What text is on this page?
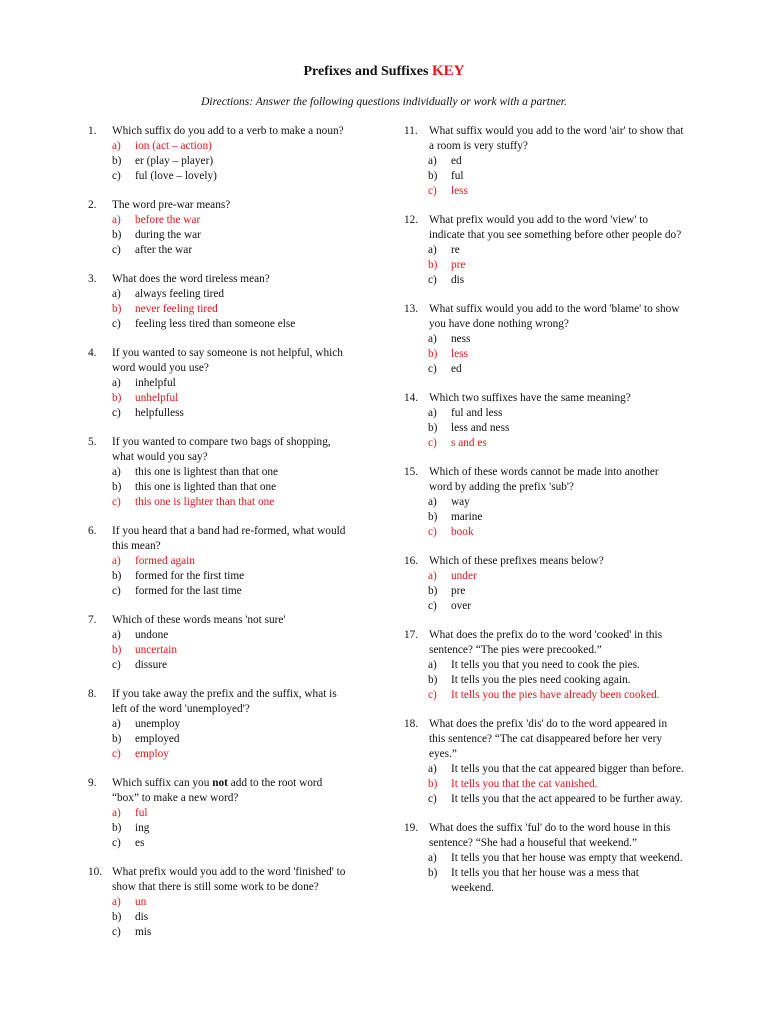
Prefixes and Suffixes KEY
Directions: Answer the following questions individually or work with a partner.
1.	Which suffix do you add to a verb to make a noun?
a) ion (act – action)
b) er (play – player)
c) ful (love – lovely)
2.	The word pre-war means?
a) before the war
b) during the war
c) after the war
3.	What does the word tireless mean?
a) always feeling tired
b) never feeling tired
c) feeling less tired than someone else
4.	If you wanted to say someone is not helpful, which word would you use?
a) inhelpful
b) unhelpful
c) helpfulless
5.	If you wanted to compare two bags of shopping, what would you say?
a) this one is lightest than that one
b) this one is lighted than that one
c) this one is lighter than that one
6.	If you heard that a band had re-formed, what would this mean?
a) formed again
b) formed for the first time
c) formed for the last time
7.	Which of these words means 'not sure'
a) undone
b) uncertain
c) dissure
8.	If you take away the prefix and the suffix, what is left of the word 'unemployed'?
a) unemploy
b) employed
c) employ
9.	Which suffix can you not add to the root word “box” to make a new word?
a) ful
b) ing
c) es
10. What prefix would you add to the word 'finished' to show that there is still some work to be done?
a) un
b) dis
c) mis
11. What suffix would you add to the word 'air' to show that a room is very stuffy?
a) ed
b) ful
c) less
12. What prefix would you add to the word 'view' to indicate that you see something before other people do?
a) re
b) pre
c) dis
13. What suffix would you add to the word 'blame' to show you have done nothing wrong?
a) ness
b) less
c) ed
14. Which two suffixes have the same meaning?
a) ful and less
b) less and ness
c) s and es
15. Which of these words cannot be made into another word by adding the prefix 'sub'?
a) way
b) marine
c) book
16. Which of these prefixes means below?
a) under
b) pre
c) over
17. What does the prefix do to the word 'cooked' in this sentence? “The pies were precooked.”
a) It tells you that you need to cook the pies.
b) It tells you the pies need cooking again.
c) It tells you the pies have already been cooked.
18. What does the prefix 'dis' do to the word appeared in this sentence? “The cat disappeared before her very eyes.”
a) It tells you that the cat appeared bigger than before.
b) It tells you that the cat vanished.
c) It tells you that the act appeared to be further away.
19. What does the suffix 'ful' do to the word house in this sentence? “She had a houseful that weekend.”
a) It tells you that her house was empty that weekend.
b) It tells you that her house was a mess that weekend.
